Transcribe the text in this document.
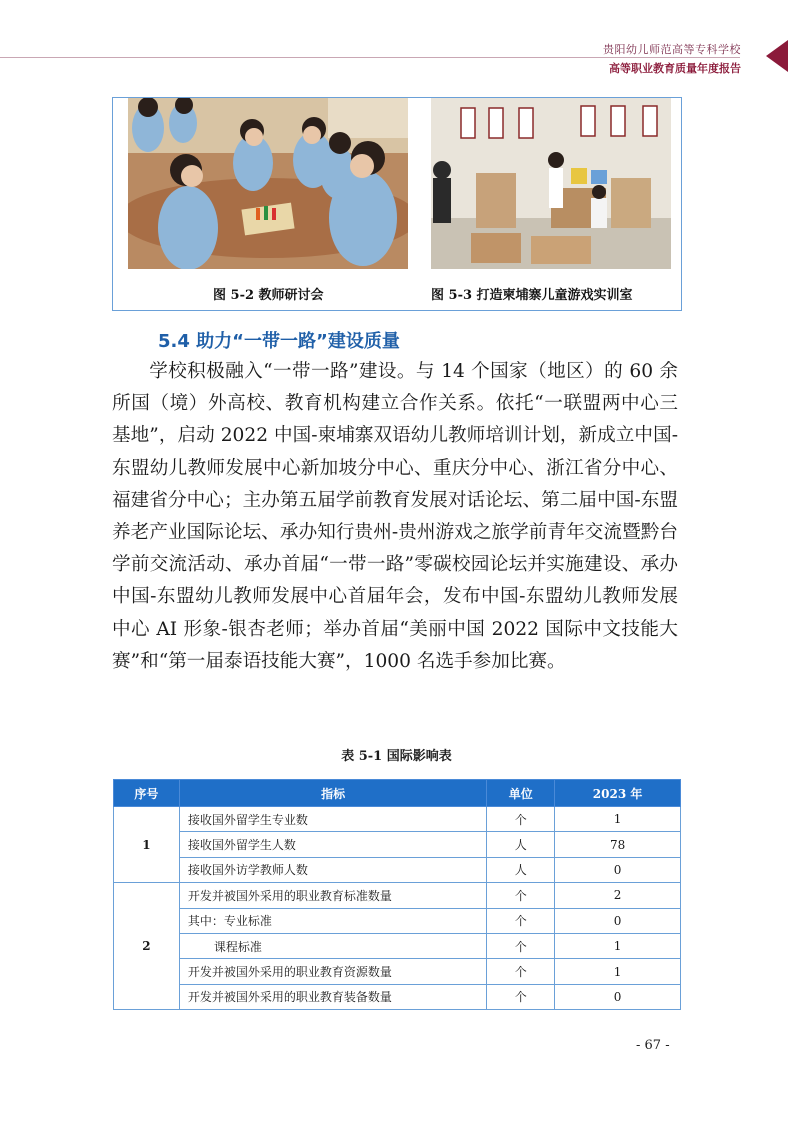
贵阳幼儿师范高等专科学校
高等职业教育质量年度报告
图 5-2 教师研讨会	图 5-3 打造柬埔寨儿童游戏实训室
5.4 助力“一带一路”建设质量

学校积极融入“一带一路”建设。与 14 个国家（地区）的 60 余所国（境）外高校、教育机构建立合作关系。依托“一联盟两中心三基地”，启动 2022 中国-柬埔寨双语幼儿教师培训计划，新成立中国-东盟幼儿教师发展中心新加坡分中心、重庆分中心、浙江省分中心、福建省分中心；主办第五届学前教育发展对话论坛、第二届中国-东盟养老产业国际论坛、承办知行贵州-贵州游戏之旅学前青年交流暨黔台学前交流活动、承办首届“一带一路”零碳校园论坛并实施建设、承办中国-东盟幼儿教师发展中心首届年会，发布中国-东盟幼儿教师发展中心 AI 形象-银杏老师；举办首届“美丽中国 2022 国际中文技能大赛”和“第一届泰语技能大赛”，1000 名选手参加比赛。

表 5-1 国际影响表
序号	指标	单位	2023 年
1	接收国外留学生专业数	个	1
	接收国外留学生人数	人	78
	接收国外访学教师人数	人	0
2	开发并被国外采用的职业教育标准数量	个	2
	其中：专业标准	个	0
	课程标准	个	1
	开发并被国外采用的职业教育资源数量	个	1
	开发并被国外采用的职业教育装备数量	个	0
- 67 -
